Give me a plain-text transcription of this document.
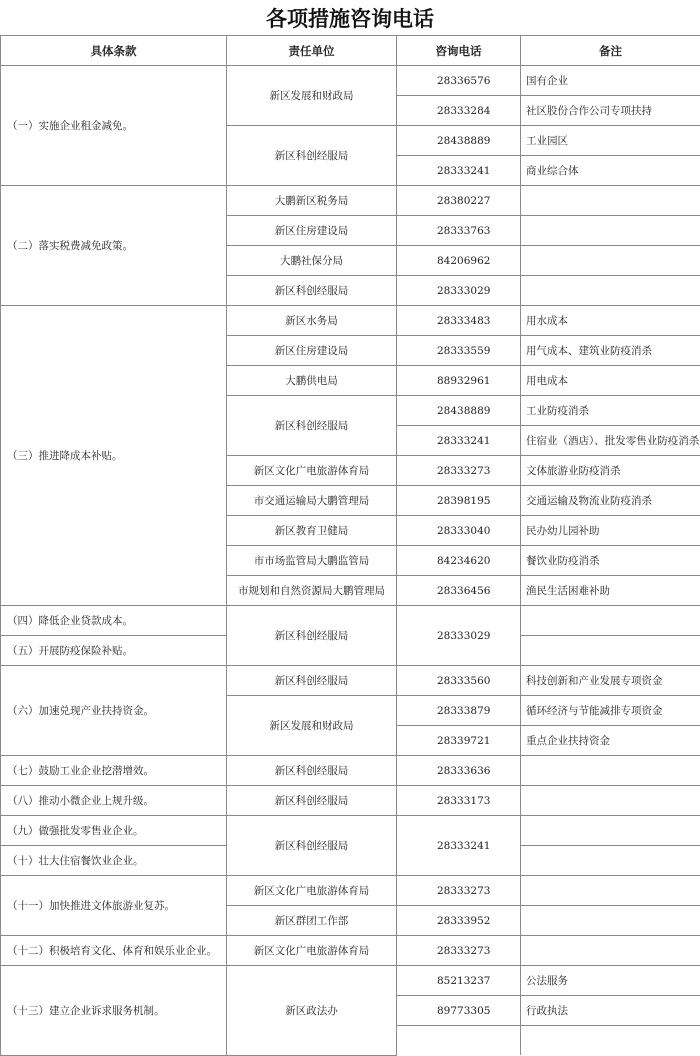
各项措施咨询电话
具体条款	责任单位	咨询电话	备注
（一）实施企业租金减免。	新区发展和财政局	28336576	国有企业
		28333284	社区股份合作公司专项扶持
	新区科创经服局	28438889	工业园区
		28333241	商业综合体
（二）落实税费减免政策。	大鹏新区税务局	28380227	
	新区住房建设局	28333763	
	大鹏社保分局	84206962	
	新区科创经服局	28333029	
（三）推进降成本补贴。	新区水务局	28333483	用水成本
	新区住房建设局	28333559	用气成本、建筑业防疫消杀
	大鹏供电局	88932961	用电成本
	新区科创经服局	28438889	工业防疫消杀
		28333241	住宿业（酒店）、批发零售业防疫消杀
	新区文化广电旅游体育局	28333273	文体旅游业防疫消杀
	市交通运输局大鹏管理局	28398195	交通运输及物流业防疫消杀
	新区教育卫健局	28333040	民办幼儿园补助
	市市场监管局大鹏监管局	84234620	餐饮业防疫消杀
	市规划和自然资源局大鹏管理局	28336456	渔民生活困难补助
（四）降低企业贷款成本。	新区科创经服局	28333029	
（五）开展防疫保险补贴。			
（六）加速兑现产业扶持资金。	新区科创经服局	28333560	科技创新和产业发展专项资金
	新区发展和财政局	28333879	循环经济与节能减排专项资金
		28339721	重点企业扶持资金
（七）鼓励工业企业挖潜增效。	新区科创经服局	28333636	
（八）推动小微企业上规升级。	新区科创经服局	28333173	
（九）做强批发零售业企业。	新区科创经服局	28333241	
（十）壮大住宿餐饮业企业。			
（十一）加快推进文体旅游业复苏。	新区文化广电旅游体育局	28333273	
	新区群团工作部	28333952	
（十二）积极培育文化、体育和娱乐业企业。	新区文化广电旅游体育局	28333273	
（十三）建立企业诉求服务机制。	新区政法办	85213237	公法服务
		89773305	行政执法
